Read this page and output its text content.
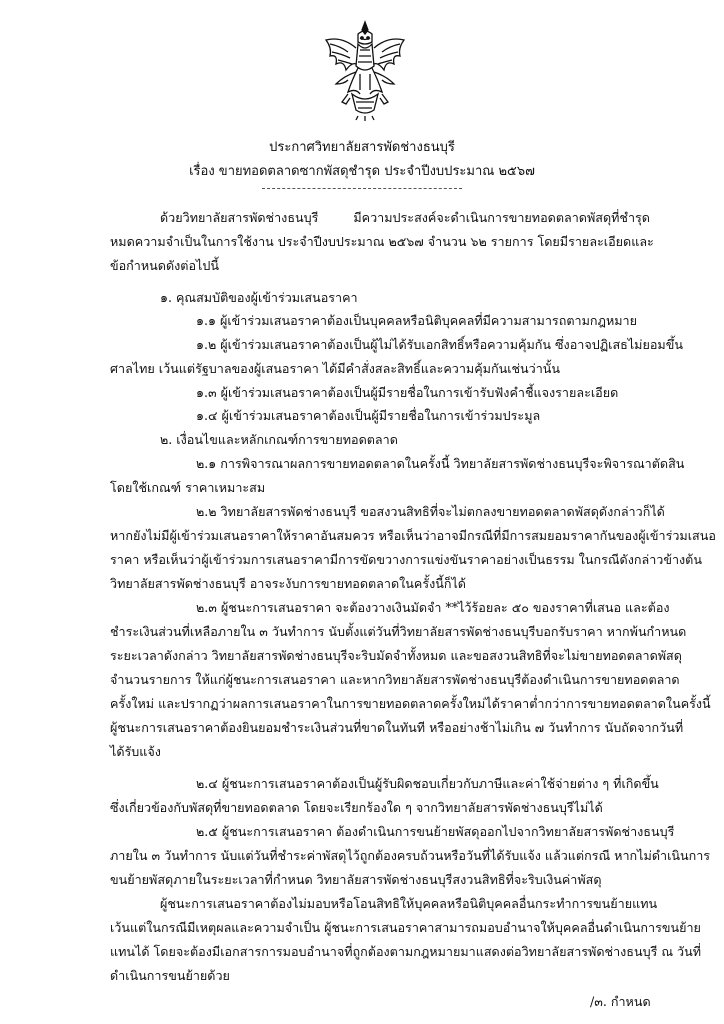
ประกาศวิทยาลัยสารพัดช่างธนบุรี
เรื่อง ขายทอดตลาดซากพัสดุชำรุด ประจำปีงบประมาณ ๒๕๖๗
ด้วยวิทยาลัยสารพัดช่างธนบุรี มีความประสงค์จะดำเนินการขายทอดตลาดพัสดุที่ชำรุด
หมดความจำเป็นในการใช้งาน ประจำปีงบประมาณ ๒๕๖๗ จำนวน ๖๒ รายการ โดยมีรายละเอียดและ
ข้อกำหนดดังต่อไปนี้
๑. คุณสมบัติของผู้เข้าร่วมเสนอราคา
๑.๑ ผู้เข้าร่วมเสนอราคาต้องเป็นบุคคลหรือนิติบุคคลที่มีความสามารถตามกฎหมาย
๑.๒ ผู้เข้าร่วมเสนอราคาต้องเป็นผู้ไม่ได้รับเอกสิทธิ์หรือความคุ้มกัน ซึ่งอาจปฏิเสธไม่ยอมขึ้น
ศาลไทย เว้นแต่รัฐบาลของผู้เสนอราคา ได้มีคำสั่งสละสิทธิ์และความคุ้มกันเช่นว่านั้น
๑.๓ ผู้เข้าร่วมเสนอราคาต้องเป็นผู้มีรายชื่อในการเข้ารับฟังคำชี้แจงรายละเอียด
๑.๔ ผู้เข้าร่วมเสนอราคาต้องเป็นผู้มีรายชื่อในการเข้าร่วมประมูล
๒. เงื่อนไขและหลักเกณฑ์การขายทอดตลาด
๒.๑ การพิจารณาผลการขายทอดตลาดในครั้งนี้ วิทยาลัยสารพัดช่างธนบุรีจะพิจารณาตัดสิน
โดยใช้เกณฑ์ ราคาเหมาะสม
๒.๒ วิทยาลัยสารพัดช่างธนบุรี ขอสงวนสิทธิที่จะไม่ตกลงขายทอดตลาดพัสดุดังกล่าวก็ได้
หากยังไม่มีผู้เข้าร่วมเสนอราคาให้ราคาอันสมควร หรือเห็นว่าอาจมีกรณีที่มีการสมยอมราคากันของผู้เข้าร่วมเสนอ
ราคา หรือเห็นว่าผู้เข้าร่วมการเสนอราคามีการขัดขวางการแข่งขันราคาอย่างเป็นธรรม ในกรณีดังกล่าวข้างต้น
วิทยาลัยสารพัดช่างธนบุรี อาจระงับการขายทอดตลาดในครั้งนี้ก็ได้
๒.๓ ผู้ชนะการเสนอราคา จะต้องวางเงินมัดจำ **ไว้ร้อยละ ๕๐ ของราคาที่เสนอ และต้อง
ชำระเงินส่วนที่เหลือภายใน ๓ วันทำการ นับตั้งแต่วันที่วิทยาลัยสารพัดช่างธนบุรีบอกรับราคา หากพ้นกำหนด
ระยะเวลาดังกล่าว วิทยาลัยสารพัดช่างธนบุรีจะริบมัดจำทั้งหมด และขอสงวนสิทธิที่จะไม่ขายทอดตลาดพัสดุ
จำนวนรายการ ให้แก่ผู้ชนะการเสนอราคา และหากวิทยาลัยสารพัดช่างธนบุรีต้องดำเนินการขายทอดตลาด
ครั้งใหม่ และปรากฏว่าผลการเสนอราคาในการขายทอดตลาดครั้งใหม่ได้ราคาต่ำกว่าการขายทอดตลาดในครั้งนี้
ผู้ชนะการเสนอราคาต้องยินยอมชำระเงินส่วนที่ขาดในทันที หรืออย่างช้าไม่เกิน ๗ วันทำการ นับถัดจากวันที่
ได้รับแจ้ง
๒.๔ ผู้ชนะการเสนอราคาต้องเป็นผู้รับผิดชอบเกี่ยวกับภาษีและค่าใช้จ่ายต่าง ๆ ที่เกิดขึ้น
ซึ่งเกี่ยวข้องกับพัสดุที่ขายทอดตลาด โดยจะเรียกร้องใด ๆ จากวิทยาลัยสารพัดช่างธนบุรีไม่ได้
๒.๕ ผู้ชนะการเสนอราคา ต้องดำเนินการขนย้ายพัสดุออกไปจากวิทยาลัยสารพัดช่างธนบุรี
ภายใน ๓ วันทำการ นับแต่วันที่ชำระค่าพัสดุไว้ถูกต้องครบถ้วนหรือวันที่ได้รับแจ้ง แล้วแต่กรณี หากไม่ดำเนินการ
ขนย้ายพัสดุภายในระยะเวลาที่กำหนด วิทยาลัยสารพัดช่างธนบุรีสงวนสิทธิที่จะริบเงินค่าพัสดุ
ผู้ชนะการเสนอราคาต้องไม่มอบหรือโอนสิทธิให้บุคคลหรือนิติบุคคลอื่นกระทำการขนย้ายแทน
เว้นแต่ในกรณีมีเหตุผลและความจำเป็น ผู้ชนะการเสนอราคาสามารถมอบอำนาจให้บุคคลอื่นดำเนินการขนย้าย
แทนได้ โดยจะต้องมีเอกสารการมอบอำนาจที่ถูกต้องตามกฎหมายมาแสดงต่อวิทยาลัยสารพัดช่างธนบุรี ณ วันที่
ดำเนินการขนย้ายด้วย
/๓. กำหนด
